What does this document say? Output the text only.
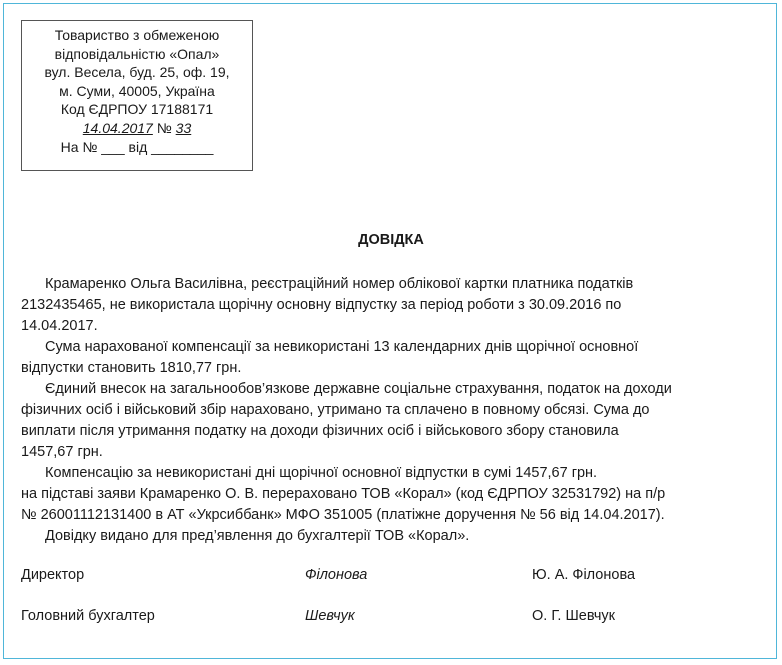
Товариство з обмеженою
відповідальністю «Опал»
вул. Весела, буд. 25, оф. 19,
м. Суми, 40005, Україна
Код ЄДРПОУ 17188171
14.04.2017 № 33
На № ___ від ________
ДОВІДКА

Крамаренко Ольга Василівна, реєстраційний номер облікової картки платника податків

2132435465, не використала щорічну основну відпустку за період роботи з 30.09.2016 по

14.04.2017.

Сума нарахованої компенсації за невикористані 13 календарних днів щорічної основної

відпустки становить 1810,77 грн.

Єдиний внесок на загальнообов’язкове державне соціальне страхування, податок на доходи

фізичних осіб і військовий збір нараховано, утримано та сплачено в повному обсязі. Сума до

виплати після утримання податку на доходи фізичних осіб і військового збору становила

1457,67 грн.

Компенсацію за невикористані дні щорічної основної відпустки в сумі 1457,67 грн.

на підставі заяви Крамаренко О. В. перераховано ТОВ «Корал» (код ЄДРПОУ 32531792) на п/р

№ 26001112131400 в АТ «Укрсиббанк» МФО 351005 (платіжне доручення № 56 від 14.04.2017).

Довідку видано для пред’явлення до бухгалтерії ТОВ «Корал».

Директор	Філонова	Ю. А. Філонова
Головний бухгалтер	Шевчук	О. Г. Шевчук
